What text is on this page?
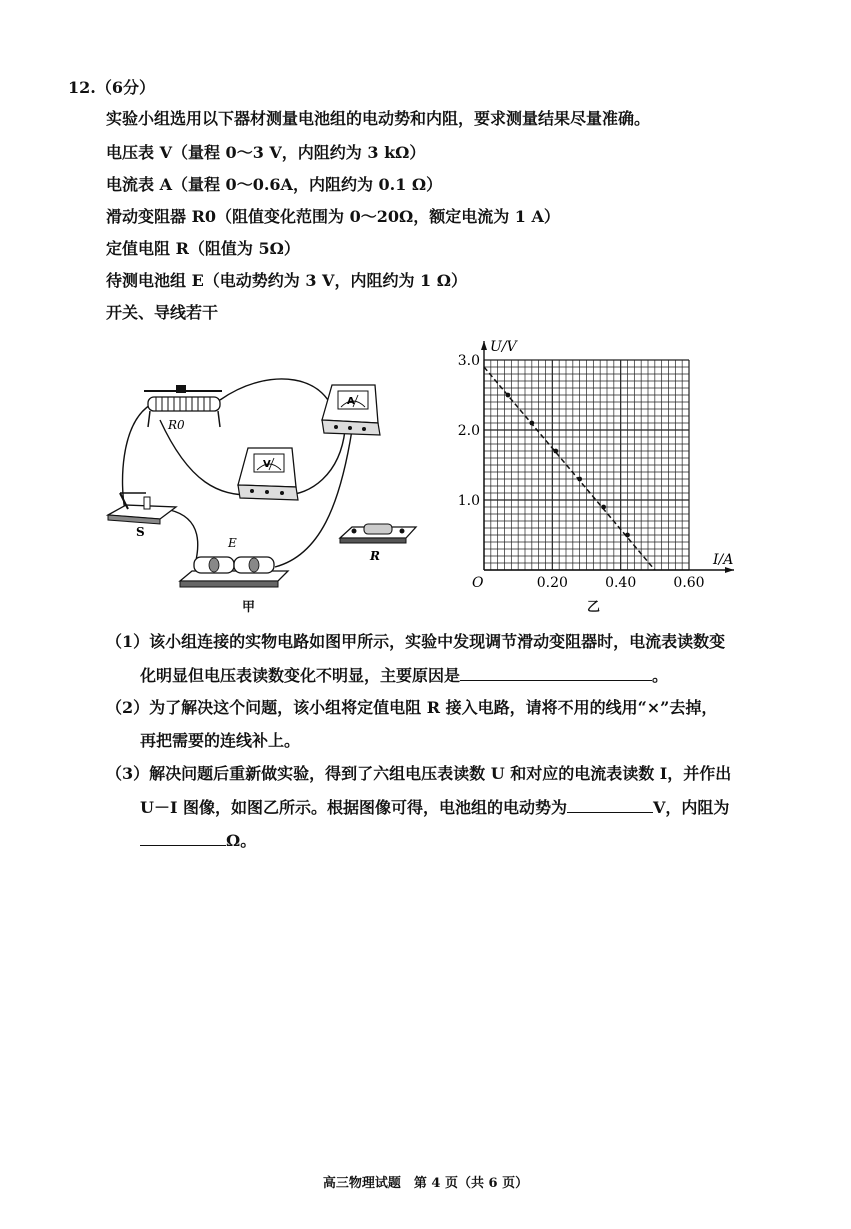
12.（6分）
实验小组选用以下器材测量电池组的电动势和内阻，要求测量结果尽量准确。
电压表 V（量程 0～3 V，内阻约为 3 kΩ）
电流表 A（量程 0～0.6A，内阻约为 0.1 Ω）
滑动变阻器 R0（阻值变化范围为 0～20Ω，额定电流为 1 A）
定值电阻 R（阻值为 5Ω）
待测电池组 E（电动势约为 3 V，内阻约为 1 Ω）
开关、导线若干
R0
A
V
S
E
R
甲
0.20	0.40	0.60
1.0
2.0
3.0
O
I/A
U/V
乙
（1）该小组连接的实物电路如图甲所示，实验中发现调节滑动变阻器时，电流表读数变
化明显但电压表读数变化不明显，主要原因是	。
（2）为了解决这个问题，该小组将定值电阻 R 接入电路，请将不用的线用“×”去掉，
再把需要的连线补上。
（3）解决问题后重新做实验，得到了六组电压表读数 U 和对应的电流表读数 I，并作出
U－I 图像，如图乙所示。根据图像可得，电池组的电动势为	V，内阻为
Ω。
高三物理试题　第 4 页（共 6 页）
